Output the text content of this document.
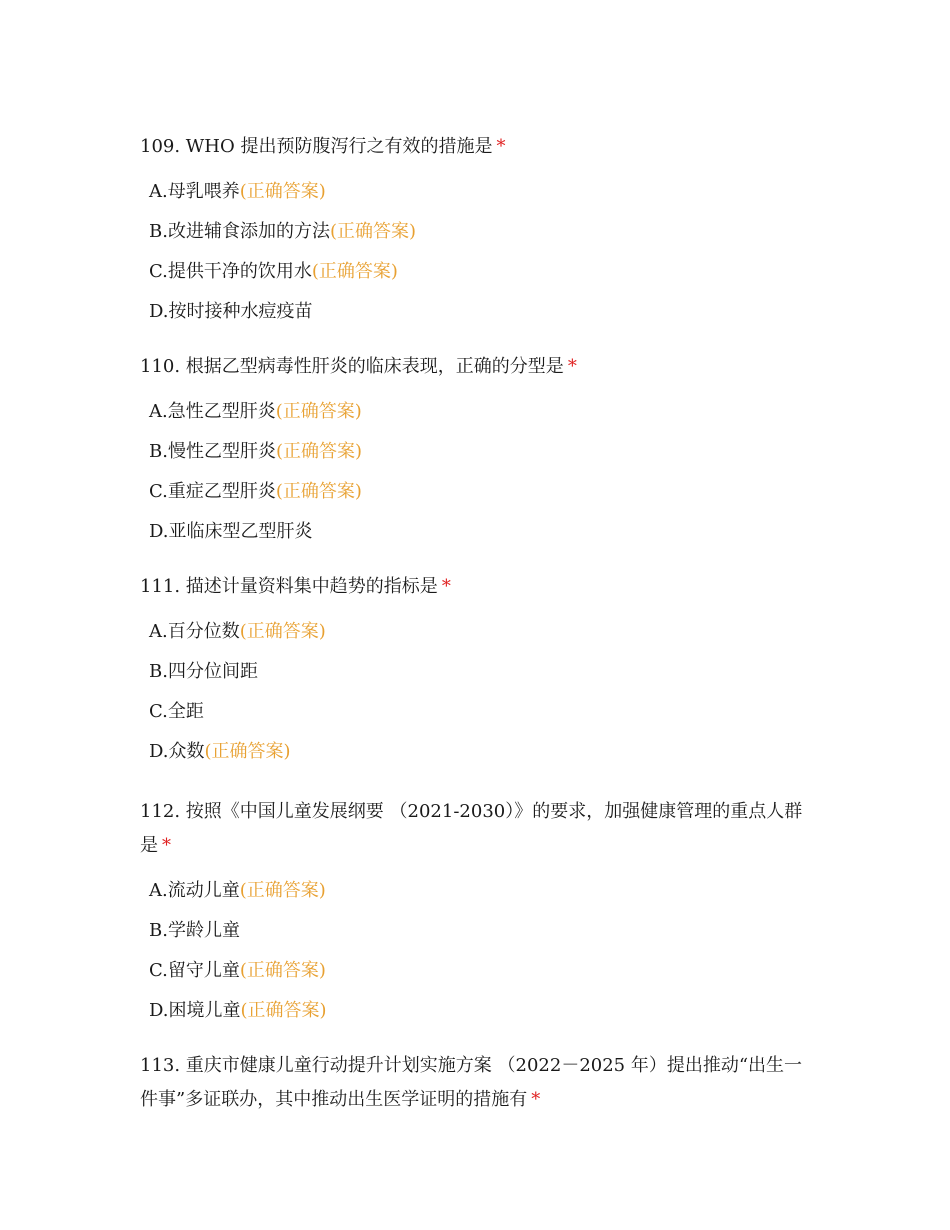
109. WHO 提出预防腹泻行之有效的措施是 *

A.母乳喂养(正确答案)
B.改进辅食添加的方法(正确答案)
C.提供干净的饮用水(正确答案)
D.按时接种水痘疫苗

110. 根据乙型病毒性肝炎的临床表现，正确的分型是 *

A.急性乙型肝炎(正确答案)
B.慢性乙型肝炎(正确答案)
C.重症乙型肝炎(正确答案)
D.亚临床型乙型肝炎

111. 描述计量资料集中趋势的指标是 *

A.百分位数(正确答案)
B.四分位间距
C.全距
D.众数(正确答案)

112. 按照《中国儿童发展纲要 （2021-2030）》的要求，加强健康管理的重点人群是 *

A.流动儿童(正确答案)
B.学龄儿童
C.留守儿童(正确答案)
D.困境儿童(正确答案)

113. 重庆市健康儿童行动提升计划实施方案 （2022－2025 年）提出推动“出生一件事”多证联办，其中推动出生医学证明的措施有 *
